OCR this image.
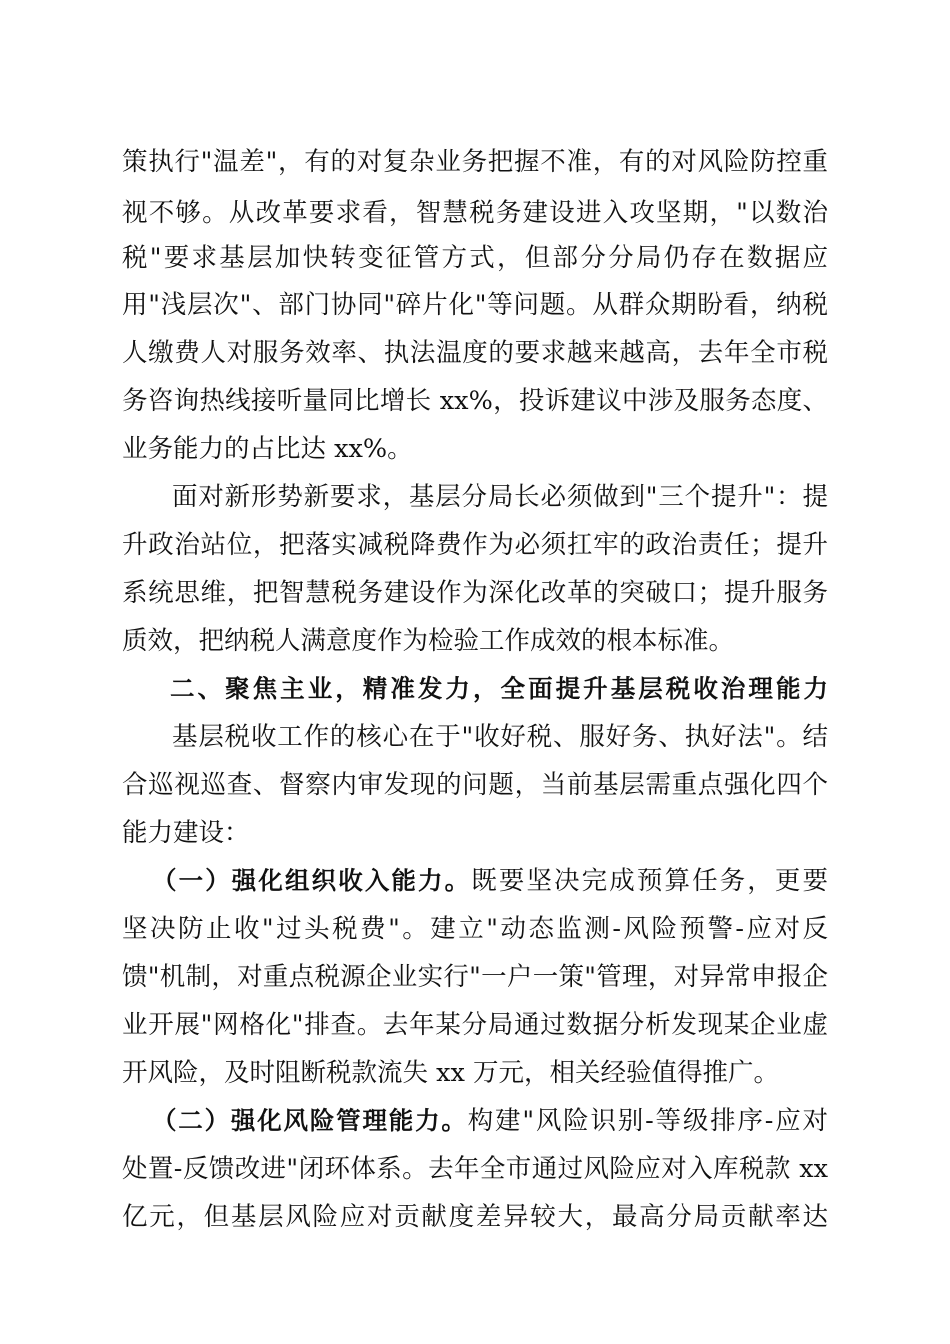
策执行"温差"，有的对复杂业务把握不准，有的对风险防控重
视不够。从改革要求看，智慧税务建设进入攻坚期，"以数治
税"要求基层加快转变征管方式，但部分分局仍存在数据应
用"浅层次"、部门协同"碎片化"等问题。从群众期盼看，纳税
人缴费人对服务效率、执法温度的要求越来越高，去年全市税
务咨询热线接听量同比增长 xx%，投诉建议中涉及服务态度、
业务能力的占比达 xx%。
面对新形势新要求，基层分局长必须做到"三个提升"：提
升政治站位，把落实减税降费作为必须扛牢的政治责任；提升
系统思维，把智慧税务建设作为深化改革的突破口；提升服务
质效，把纳税人满意度作为检验工作成效的根本标准。
二、聚焦主业，精准发力，全面提升基层税收治理能力
基层税收工作的核心在于"收好税、服好务、执好法"。结
合巡视巡查、督察内审发现的问题，当前基层需重点强化四个
能力建设：
（一）强化组织收入能力。既要坚决完成预算任务，更要
坚决防止收"过头税费"。建立"动态监测-风险预警-应对反
馈"机制，对重点税源企业实行"一户一策"管理，对异常申报企
业开展"网格化"排查。去年某分局通过数据分析发现某企业虚
开风险，及时阻断税款流失 xx 万元，相关经验值得推广。
（二）强化风险管理能力。构建"风险识别-等级排序-应对
处置-反馈改进"闭环体系。去年全市通过风险应对入库税款 xx
亿元，但基层风险应对贡献度差异较大，最高分局贡献率达
